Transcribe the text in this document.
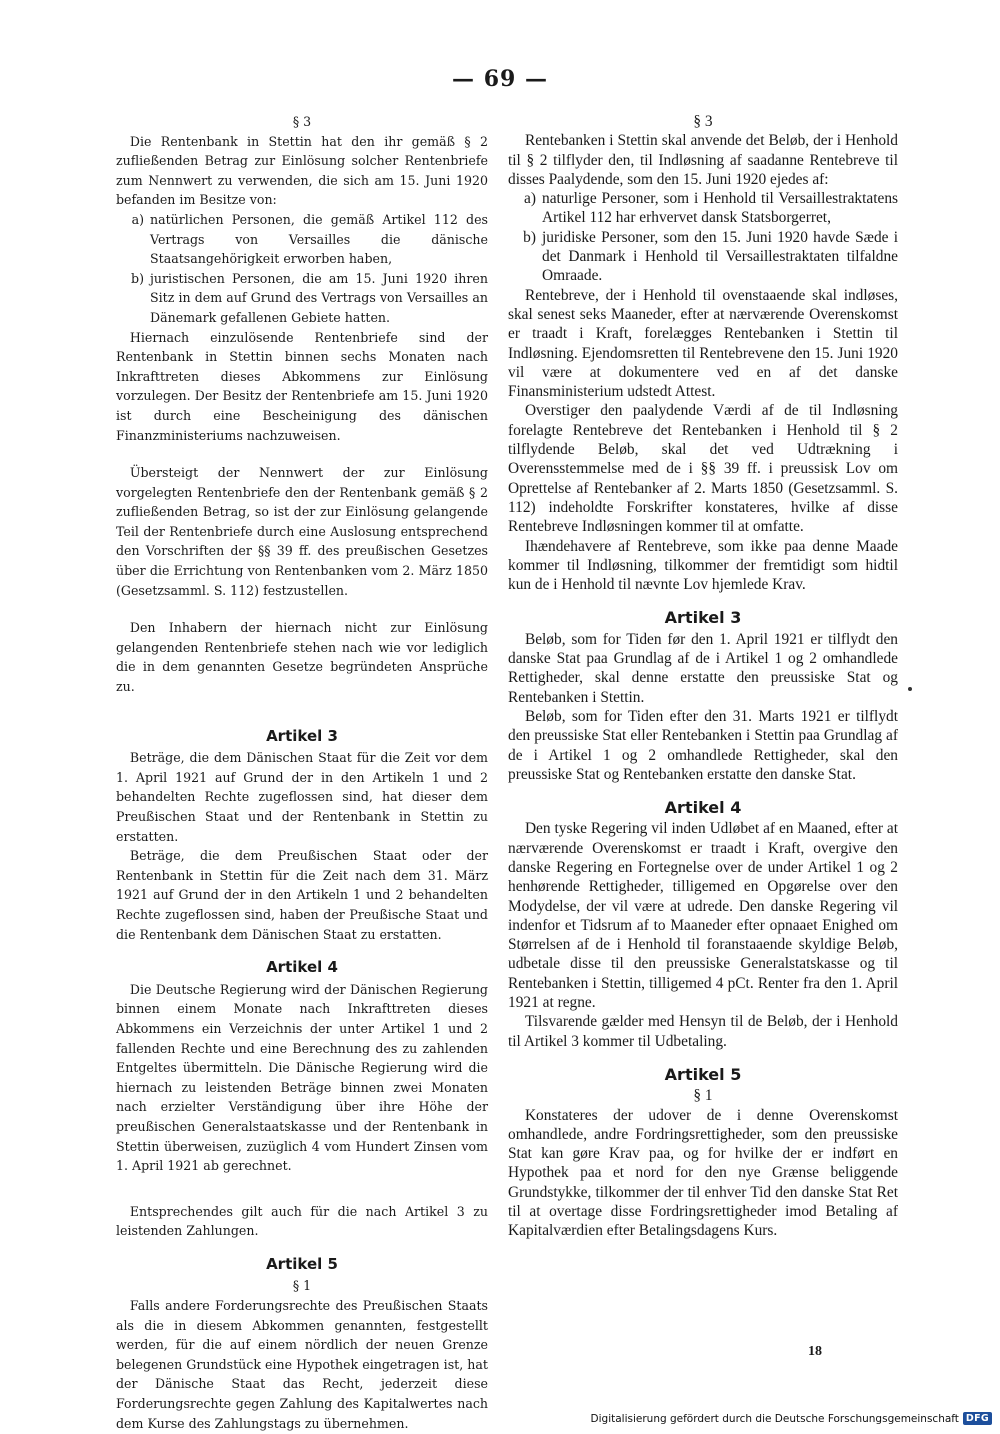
— 69 —

§ 3

Die Rentenbank in Stettin hat den ihr gemäß § 2 zufließenden Betrag zur Einlösung solcher Rentenbriefe zum Nennwert zu verwenden, die sich am 15. Juni 1920 befanden im Besitze von:

a) natürlichen Personen, die gemäß Artikel 112 des Vertrags von Versailles die dänische Staatsangehörigkeit erworben haben,
b) juristischen Personen, die am 15. Juni 1920 ihren Sitz in dem auf Grund des Vertrags von Versailles an Dänemark gefallenen Gebiete hatten.

Hiernach einzulösende Rentenbriefe sind der Rentenbank in Stettin binnen sechs Monaten nach Inkrafttreten dieses Abkommens zur Einlösung vorzulegen. Der Besitz der Rentenbriefe am 15. Juni 1920 ist durch eine Bescheinigung des dänischen Finanzministeriums nachzuweisen.

Übersteigt der Nennwert der zur Einlösung vorgelegten Rentenbriefe den der Rentenbank gemäß § 2 zufließenden Betrag, so ist der zur Einlösung gelangende Teil der Rentenbriefe durch eine Auslosung entsprechend den Vorschriften der §§ 39 ff. des preußischen Gesetzes über die Errichtung von Rentenbanken vom 2. März 1850 (Gesetzsamml. S. 112) festzustellen.

Den Inhabern der hiernach nicht zur Einlösung gelangenden Rentenbriefe stehen nach wie vor lediglich die in dem genannten Gesetze begründeten Ansprüche zu.

Artikel 3

Beträge, die dem Dänischen Staat für die Zeit vor dem 1. April 1921 auf Grund der in den Artikeln 1 und 2 behandelten Rechte zugeflossen sind, hat dieser dem Preußischen Staat und der Rentenbank in Stettin zu erstatten.

Beträge, die dem Preußischen Staat oder der Rentenbank in Stettin für die Zeit nach dem 31. März 1921 auf Grund der in den Artikeln 1 und 2 behandelten Rechte zugeflossen sind, haben der Preußische Staat und die Rentenbank dem Dänischen Staat zu erstatten.

Artikel 4

Die Deutsche Regierung wird der Dänischen Regierung binnen einem Monate nach Inkrafttreten dieses Abkommens ein Verzeichnis der unter Artikel 1 und 2 fallenden Rechte und eine Berechnung des zu zahlenden Entgeltes übermitteln. Die Dänische Regierung wird die hiernach zu leistenden Beträge binnen zwei Monaten nach erzielter Verständigung über ihre Höhe der preußischen Generalstaatskasse und der Rentenbank in Stettin überweisen, zuzüglich 4 vom Hundert Zinsen vom 1. April 1921 ab gerechnet.

Entsprechendes gilt auch für die nach Artikel 3 zu leistenden Zahlungen.

Artikel 5

§ 1

Falls andere Forderungsrechte des Preußischen Staats als die in diesem Abkommen genannten, festgestellt werden, für die auf einem nördlich der neuen Grenze belegenen Grundstück eine Hypothek eingetragen ist, hat der Dänische Staat das Recht, jederzeit diese Forderungsrechte gegen Zahlung des Kapitalwertes nach dem Kurse des Zahlungstags zu übernehmen.

§ 3

Rentebanken i Stettin skal anvende det Beløb, der i Henhold til § 2 tilflyder den, til Indløsning af saadanne Rentebreve til disses Paalydende, som den 15. Juni 1920 ejedes af:

a) naturlige Personer, som i Henhold til Versaillestraktatens Artikel 112 har erhvervet dansk Statsborgerret,
b) juridiske Personer, som den 15. Juni 1920 havde Sæde i det Danmark i Henhold til Versaillestraktaten tilfaldne Omraade.

Rentebreve, der i Henhold til ovenstaaende skal indløses, skal senest seks Maaneder, efter at nærværende Overenskomst er traadt i Kraft, forelægges Rentebanken i Stettin til Indløsning. Ejendomsretten til Rentebrevene den 15. Juni 1920 vil være at dokumentere ved en af det danske Finansministerium udstedt Attest.

Overstiger den paalydende Værdi af de til Indløsning forelagte Rentebreve det Rentebanken i Henhold til § 2 tilflydende Beløb, skal det ved Udtrækning i Overensstemmelse med de i §§ 39 ff. i preussisk Lov om Oprettelse af Rentebanker af 2. Marts 1850 (Gesetzsamml. S. 112) indeholdte Forskrifter konstateres, hvilke af disse Rentebreve Indløsningen kommer til at omfatte.

Ihændehavere af Rentebreve, som ikke paa denne Maade kommer til Indløsning, tilkommer der fremtidigt som hidtil kun de i Henhold til nævnte Lov hjemlede Krav.

Artikel 3

Beløb, som for Tiden før den 1. April 1921 er tilflydt den danske Stat paa Grundlag af de i Artikel 1 og 2 omhandlede Rettigheder, skal denne erstatte den preussiske Stat og Rentebanken i Stettin.

Beløb, som for Tiden efter den 31. Marts 1921 er tilflydt den preussiske Stat eller Rentebanken i Stettin paa Grundlag af de i Artikel 1 og 2 omhandlede Rettigheder, skal den preussiske Stat og Rentebanken erstatte den danske Stat.

Artikel 4

Den tyske Regering vil inden Udløbet af en Maaned, efter at nærværende Overenskomst er traadt i Kraft, overgive den danske Regering en Fortegnelse over de under Artikel 1 og 2 henhørende Rettigheder, tilligemed en Opgørelse over den Modydelse, der vil være at udrede. Den danske Regering vil indenfor et Tidsrum af to Maaneder efter opnaaet Enighed om Størrelsen af de i Henhold til foranstaaende skyldige Beløb, udbetale disse til den preussiske Generalstatskasse og til Rentebanken i Stettin, tilligemed 4 pCt. Renter fra den 1. April 1921 at regne.

Tilsvarende gælder med Hensyn til de Beløb, der i Henhold til Artikel 3 kommer til Udbetaling.

Artikel 5

§ 1

Konstateres der udover de i denne Overenskomst omhandlede, andre Fordringsrettigheder, som den preussiske Stat kan gøre Krav paa, og for hvilke der er indført en Hypothek paa et nord for den nye Grænse beliggende Grundstykke, tilkommer der til enhver Tid den danske Stat Ret til at overtage disse Fordringsrettigheder imod Betaling af Kapitalværdien efter Betalingsdagens Kurs.

18
Digitalisierung gefördert durch die Deutsche Forschungsgemeinschaft DFG
